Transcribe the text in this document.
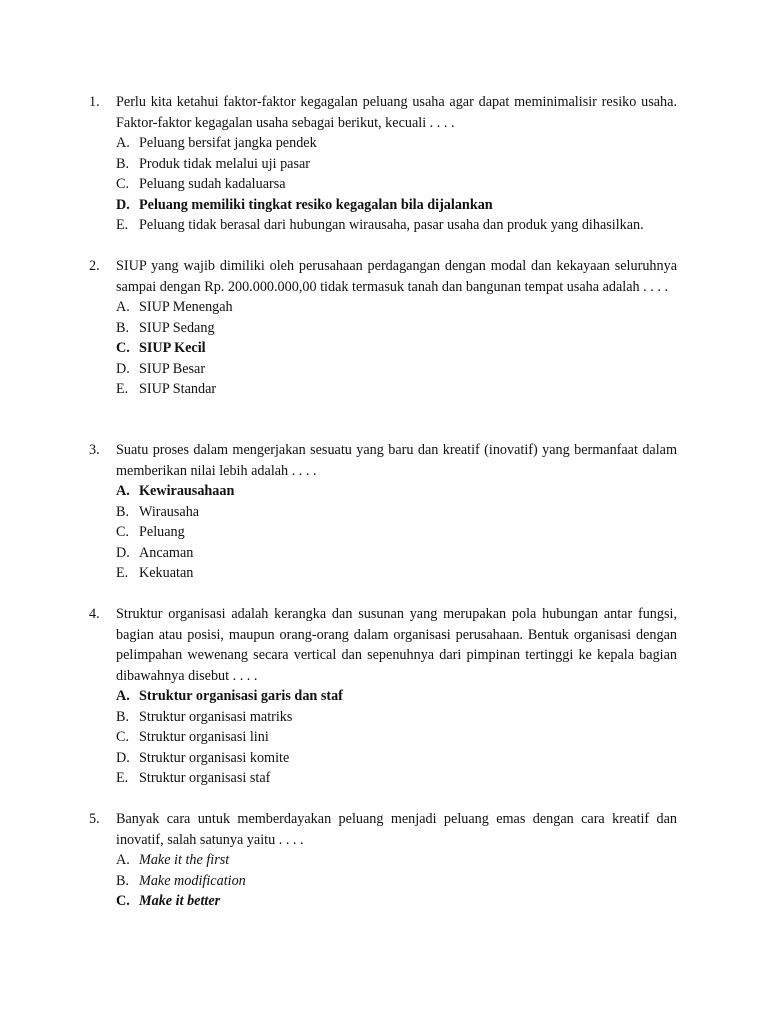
1.	Perlu kita ketahui faktor-faktor kegagalan peluang usaha agar dapat meminimalisir resiko usaha. Faktor-faktor kegagalan usaha sebagai berikut, kecuali . . . .

A. Peluang bersifat jangka pendek
B. Produk tidak melalui uji pasar
C. Peluang sudah kadaluarsa
D. Peluang memiliki tingkat resiko kegagalan bila dijalankan
E. Peluang tidak berasal dari hubungan wirausaha, pasar usaha dan produk yang dihasilkan.
2.	SIUP yang wajib dimiliki oleh perusahaan perdagangan dengan modal dan kekayaan seluruhnya sampai dengan Rp. 200.000.000,00 tidak termasuk tanah dan bangunan tempat usaha adalah . . . .

A. SIUP Menengah
B. SIUP Sedang
C. SIUP Kecil
D. SIUP Besar
E. SIUP Standar
3.	Suatu proses dalam mengerjakan sesuatu yang baru dan kreatif (inovatif) yang bermanfaat dalam memberikan nilai lebih adalah . . . .

A. Kewirausahaan
B. Wirausaha
C. Peluang
D. Ancaman
E. Kekuatan
4.	Struktur organisasi adalah kerangka dan susunan yang merupakan pola hubungan antar fungsi, bagian atau posisi, maupun orang-orang dalam organisasi perusahaan. Bentuk organisasi dengan pelimpahan wewenang secara vertical dan sepenuhnya dari pimpinan tertinggi ke kepala bagian dibawahnya disebut . . . .

A. Struktur organisasi garis dan staf
B. Struktur organisasi matriks
C. Struktur organisasi lini
D. Struktur organisasi komite
E. Struktur organisasi staf
5.	Banyak cara untuk memberdayakan peluang menjadi peluang emas dengan cara kreatif dan inovatif, salah satunya yaitu . . . .

A. Make it the first
B. Make modification
C. Make it better
